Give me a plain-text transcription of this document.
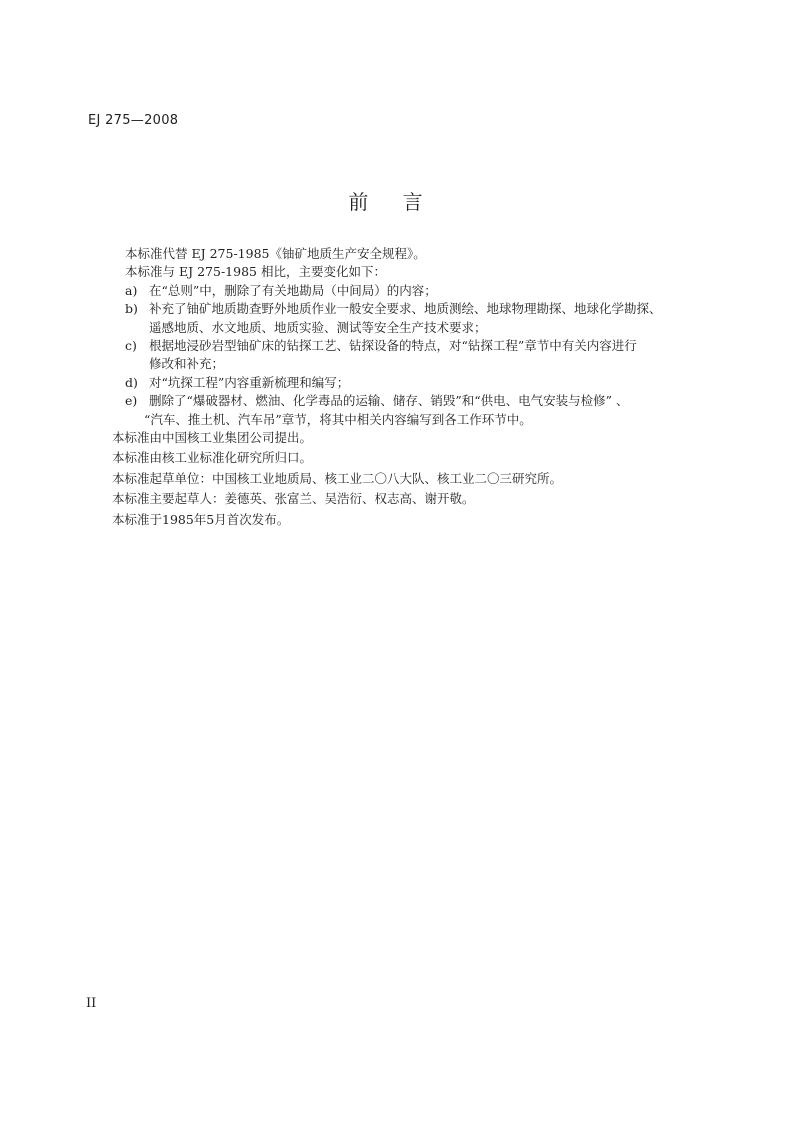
EJ 275—2008
前 言

本标准代替 EJ 275-1985《铀矿地质生产安全规程》。

本标准与 EJ 275-1985 相比，主要变化如下：

a) 在“总则”中，删除了有关地勘局（中间局）的内容；
b) 补充了铀矿地质勘查野外地质作业一般安全要求、地质测绘、地球物理勘探、地球化学勘探、
遥感地质、水文地质、地质实验、测试等安全生产技术要求；
c) 根据地浸砂岩型铀矿床的钻探工艺、钻探设备的特点，对“钻探工程”章节中有关内容进行
修改和补充；
d) 对“坑探工程”内容重新梳理和编写；
e) 删除了“爆破器材、燃油、化学毒品的运输、储存、销毁”和“供电、电气安装与检修” 、
“汽车、推土机、汽车吊”章节，将其中相关内容编写到各工作环节中。

本标准由中国核工业集团公司提出。

本标准由核工业标准化研究所归口。

本标准起草单位：中国核工业地质局、核工业二〇八大队、核工业二〇三研究所。

本标准主要起草人：姜德英、张富兰、吴浩衍、权志高、谢开敬。

本标准于1985年5月首次发布。

II
